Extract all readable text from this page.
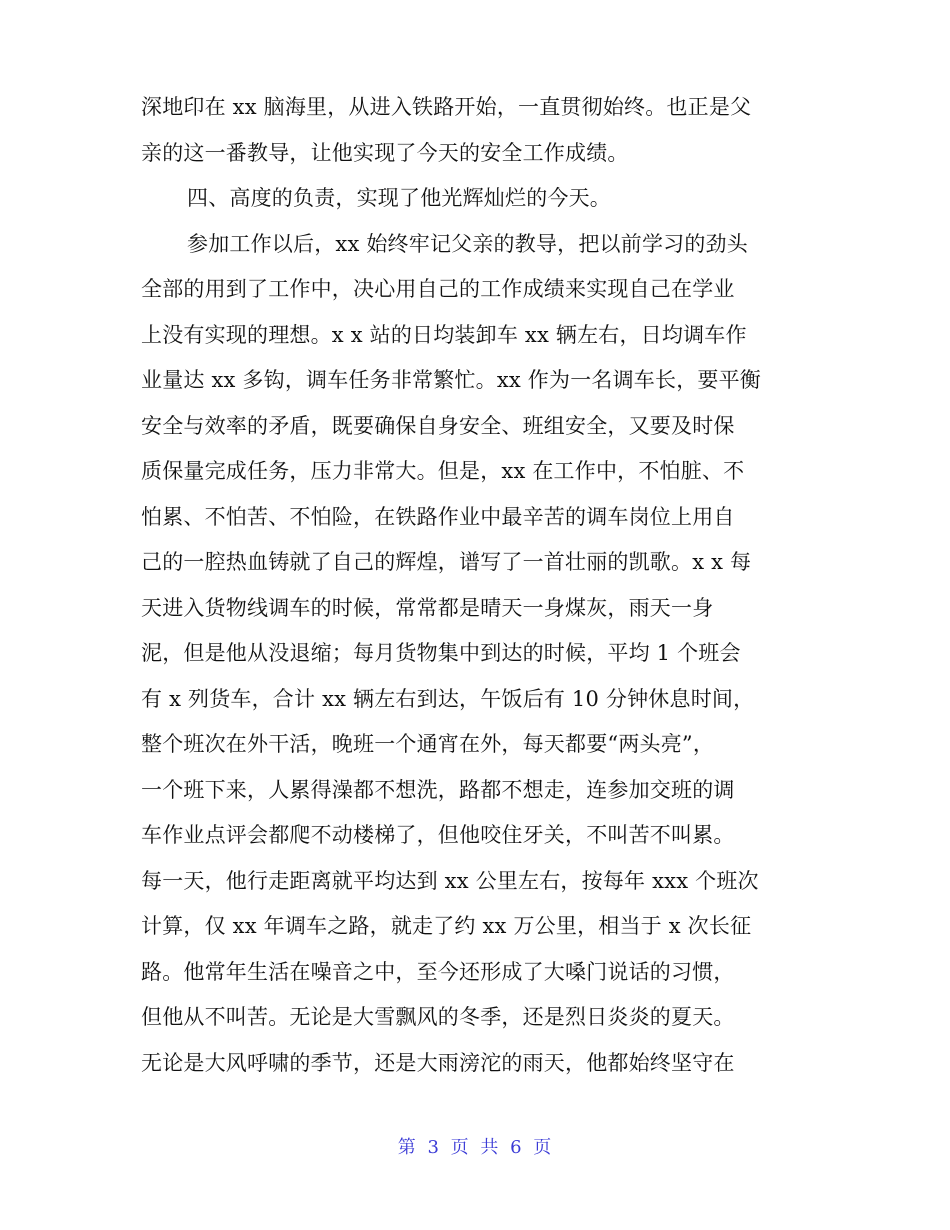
深地印在 xx 脑海里，从进入铁路开始，一直贯彻始终。也正是父
亲的这一番教导，让他实现了今天的安全工作成绩。
四、高度的负责，实现了他光辉灿烂的今天。
参加工作以后，xx 始终牢记父亲的教导，把以前学习的劲头
全部的用到了工作中，决心用自己的工作成绩来实现自己在学业
上没有实现的理想。x x 站的日均装卸车 xx 辆左右，日均调车作
业量达 xx 多钩，调车任务非常繁忙。xx 作为一名调车长，要平衡
安全与效率的矛盾，既要确保自身安全、班组安全，又要及时保
质保量完成任务，压力非常大。但是，xx 在工作中，不怕脏、不
怕累、不怕苦、不怕险，在铁路作业中最辛苦的调车岗位上用自
己的一腔热血铸就了自己的辉煌，谱写了一首壮丽的凯歌。x x 每
天进入货物线调车的时候，常常都是晴天一身煤灰，雨天一身
泥，但是他从没退缩；每月货物集中到达的时候，平均 1 个班会
有 x 列货车，合计 xx 辆左右到达，午饭后有 10 分钟休息时间，
整个班次在外干活，晚班一个通宵在外，每天都要“两头亮”，
一个班下来，人累得澡都不想洗，路都不想走，连参加交班的调
车作业点评会都爬不动楼梯了，但他咬住牙关，不叫苦不叫累。
每一天，他行走距离就平均达到 xx 公里左右，按每年 xxx 个班次
计算，仅 xx 年调车之路，就走了约 xx 万公里，相当于 x 次长征
路。他常年生活在噪音之中，至今还形成了大嗓门说话的习惯，
但他从不叫苦。无论是大雪飘风的冬季，还是烈日炎炎的夏天。
无论是大风呼啸的季节，还是大雨滂沱的雨天，他都始终坚守在
第 3 页 共 6 页
